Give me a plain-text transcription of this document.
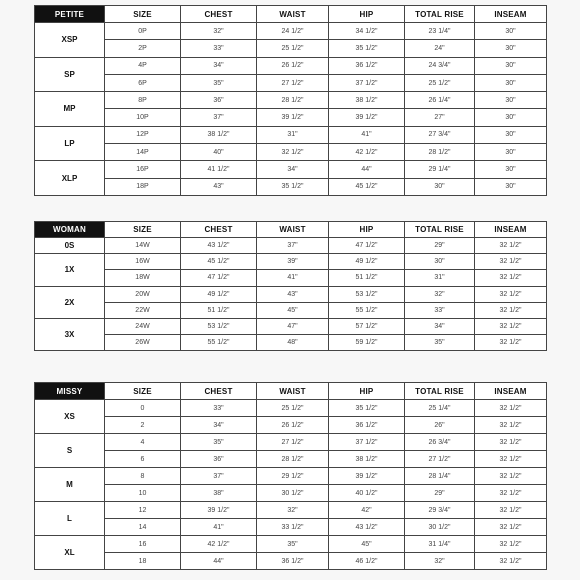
PETITE	SIZE	CHEST	WAIST	HIP	TOTAL RISE	INSEAM
XSP	0P	32"	24 1/2"	34 1/2"	23 1/4"	30"
	2P	33"	25 1/2"	35 1/2"	24"	30"
SP	4P	34"	26 1/2"	36 1/2"	24 3/4"	30"
	6P	35"	27 1/2"	37 1/2"	25 1/2"	30"
MP	8P	36"	28 1/2"	38 1/2"	26 1/4"	30"
	10P	37"	39 1/2"	39 1/2"	27"	30"
LP	12P	38 1/2"	31"	41"	27 3/4"	30"
	14P	40"	32 1/2"	42 1/2"	28 1/2"	30"
XLP	16P	41 1/2"	34"	44"	29 1/4"	30"
	18P	43"	35 1/2"	45 1/2"	30"	30"
WOMAN	SIZE	CHEST	WAIST	HIP	TOTAL RISE	INSEAM
0S	14W	43 1/2"	37"	47 1/2"	29"	32 1/2"
1X	16W	45 1/2"	39"	49 1/2"	30"	32 1/2"
	18W	47 1/2"	41"	51 1/2"	31"	32 1/2"
2X	20W	49 1/2"	43"	53 1/2"	32"	32 1/2"
	22W	51 1/2"	45"	55 1/2"	33"	32 1/2"
3X	24W	53 1/2"	47"	57 1/2"	34"	32 1/2"
	26W	55 1/2"	48"	59 1/2"	35"	32 1/2"
MISSY	SIZE	CHEST	WAIST	HIP	TOTAL RISE	INSEAM
XS	0	33"	25 1/2"	35 1/2"	25 1/4"	32 1/2"
	2	34"	26 1/2"	36 1/2"	26"	32 1/2"
S	4	35"	27 1/2"	37 1/2"	26 3/4"	32 1/2"
	6	36"	28 1/2"	38 1/2"	27 1/2"	32 1/2"
M	8	37"	29 1/2"	39 1/2"	28 1/4"	32 1/2"
	10	38"	30 1/2"	40 1/2"	29"	32 1/2"
L	12	39 1/2"	32"	42"	29 3/4"	32 1/2"
	14	41"	33 1/2"	43 1/2"	30 1/2"	32 1/2"
XL	16	42 1/2"	35"	45"	31 1/4"	32 1/2"
	18	44"	36 1/2"	46 1/2"	32"	32 1/2"
